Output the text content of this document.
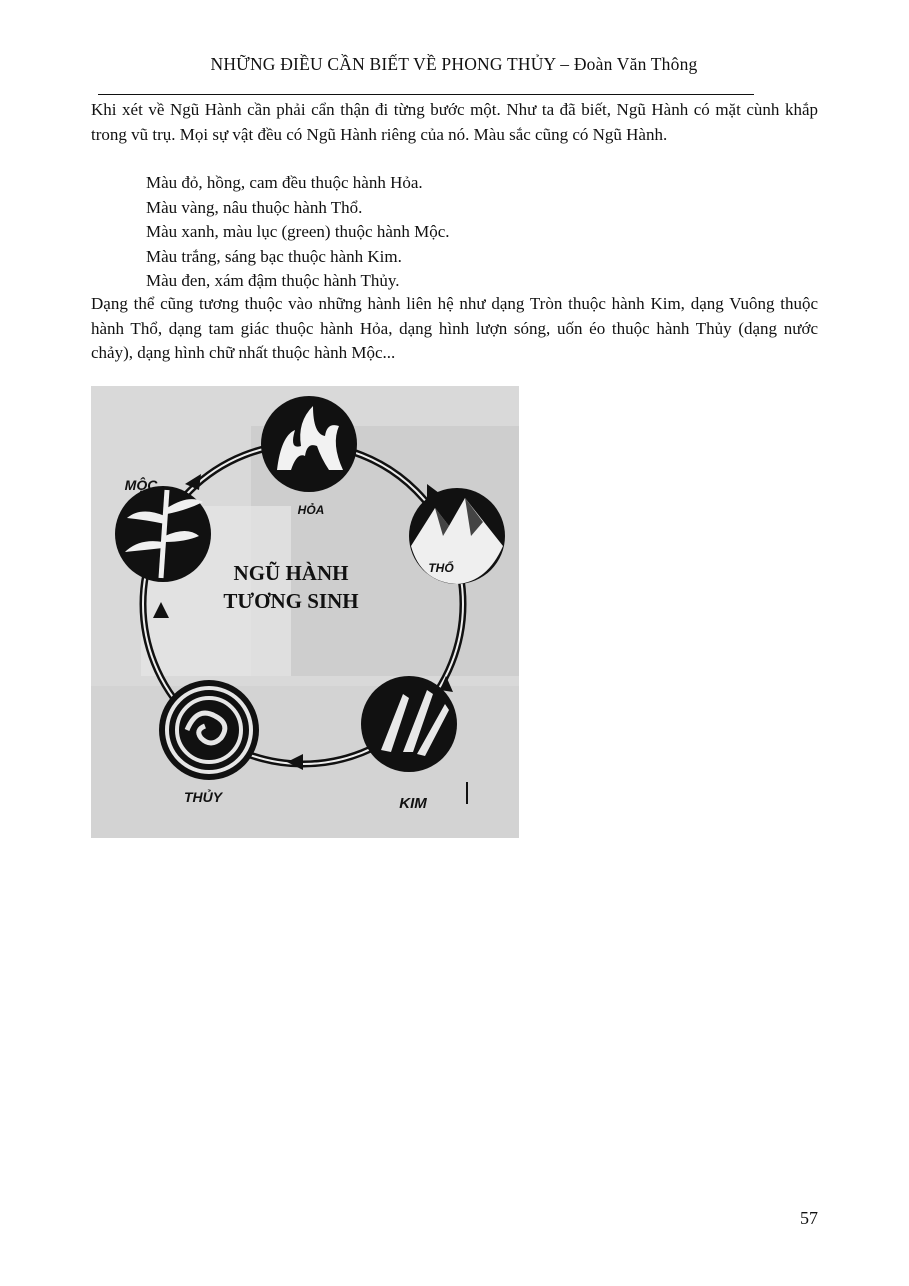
NHỮNG ĐIỀU CẦN BIẾT VỀ PHONG THỦY – Đoàn Văn Thông

Khi xét về Ngũ Hành cần phải cẩn thận đi từng bước một. Như ta đã biết, Ngũ Hành có mặt cùnh khắp trong vũ trụ. Mọi sự vật đều có Ngũ Hành riêng của nó. Màu sắc cũng có Ngũ Hành.

Màu đỏ, hồng, cam đều thuộc hành Hỏa.
Màu vàng, nâu thuộc hành Thổ.
Màu xanh, màu lục (green) thuộc hành Mộc.
Màu trắng, sáng bạc thuộc hành Kim.
Màu đen, xám đậm thuộc hành Thủy.

Dạng thể cũng tương thuộc vào những hành liên hệ như dạng Tròn thuộc hành Kim, dạng Vuông thuộc hành Thổ, dạng tam giác thuộc hành Hỏa, dạng hình lượn sóng, uốn éo thuộc hành Thủy (dạng nước chảy), dạng hình chữ nhất thuộc hành Mộc...

HỎA
THỔ
KIM
THỦY
MỘC
NGŨ HÀNH
TƯƠNG SINH
57
